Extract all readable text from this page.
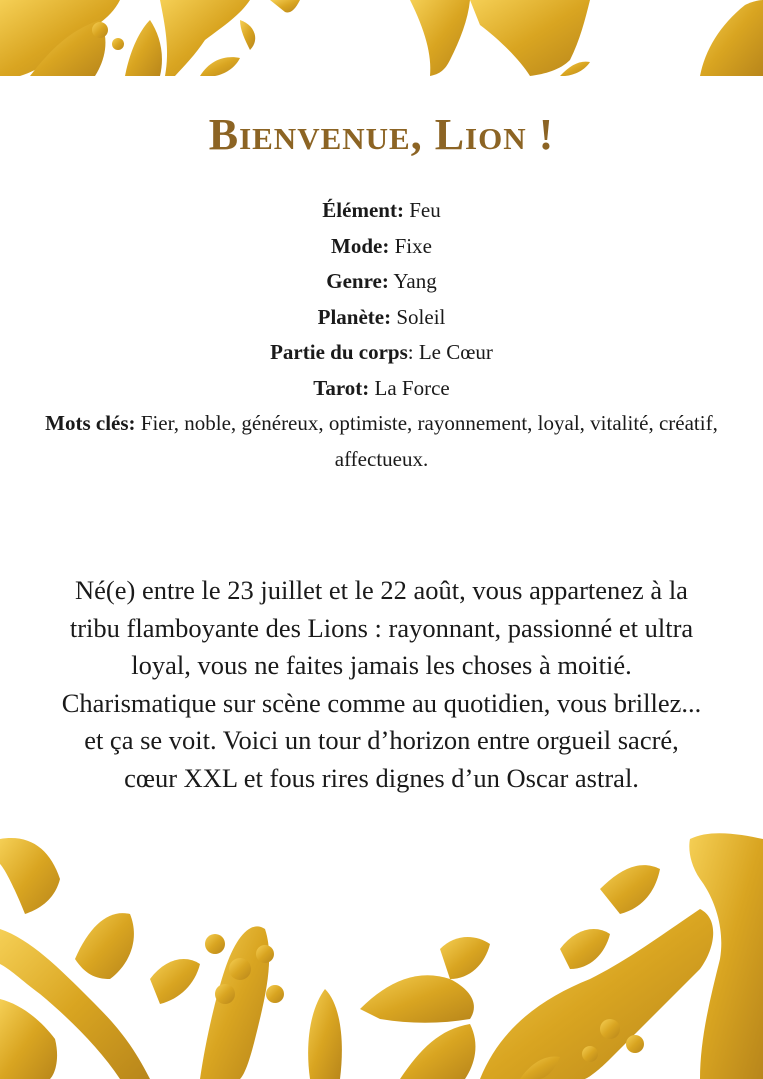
Bienvenue, Lion !
Élément: Feu
Mode: Fixe
Genre: Yang
Planète: Soleil
Partie du corps: Le Cœur
Tarot: La Force
Mots clés: Fier, noble, généreux, optimiste, rayonnement, loyal, vitalité, créatif, affectueux.

Né(e) entre le 23 juillet et le 22 août, vous appartenez à la tribu flamboyante des Lions : rayonnant, passionné et ultra loyal, vous ne faites jamais les choses à moitié. Charismatique sur scène comme au quotidien, vous brillez... et ça se voit. Voici un tour d’horizon entre orgueil sacré, cœur XXL et fous rires dignes d’un Oscar astral.
